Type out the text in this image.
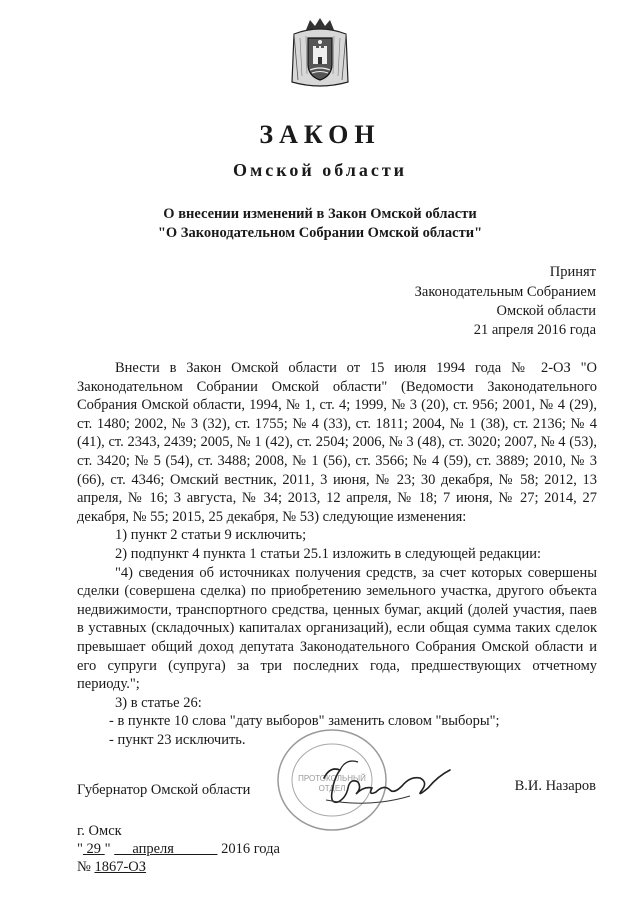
ЗАКОН
Омской области
О внесении изменений в Закон Омской области
"О Законодательном Собрании Омской области"
Принят
Законодательным Собранием
Омской области
21 апреля 2016 года

Внести в Закон Омской области от 15 июля 1994 года № 2-ОЗ "О Законодательном Собрании Омской области" (Ведомости Законодательного Собрания Омской области, 1994, № 1, ст. 4; 1999, № 3 (20), ст. 956; 2001, № 4 (29), ст. 1480; 2002, № 3 (32), ст. 1755; № 4 (33), ст. 1811; 2004, № 1 (38), ст. 2136; № 4 (41), ст. 2343, 2439; 2005, № 1 (42), ст. 2504; 2006, № 3 (48), ст. 3020; 2007, № 4 (53), ст. 3420; № 5 (54), ст. 3488; 2008, № 1 (56), ст. 3566; № 4 (59), ст. 3889; 2010, № 3 (66), ст. 4346; Омский вестник, 2011, 3 июня, № 23; 30 декабря, № 58; 2012, 13 апреля, № 16; 3 августа, № 34; 2013, 12 апреля, № 18; 7 июня, № 27; 2014, 27 декабря, № 55; 2015, 25 декабря, № 53) следующие изменения:

1) пункт 2 статьи 9 исключить;

2) подпункт 4 пункта 1 статьи 25.1 изложить в следующей редакции:

"4) сведения об источниках получения средств, за счет которых совершены сделки (совершена сделка) по приобретению земельного участка, другого объекта недвижимости, транспортного средства, ценных бумаг, акций (долей участия, паев в уставных (складочных) капиталах организаций), если общая сумма таких сделок превышает общий доход депутата Законодательного Собрания Омской области и его супруги (супруга) за три последних года, предшествующих отчетному периоду.";

3) в статье 26:

- в пункте 10 слова "дату выборов" заменить словом "выборы";

- пункт 23 исключить.

ПРОТОКОЛЬНЫЙ
ОТДЕЛ
Губернатор Омской области	В.И. Назаров
г. Омск
" 29 " апреля	2016 года
№ 1867-ОЗ
